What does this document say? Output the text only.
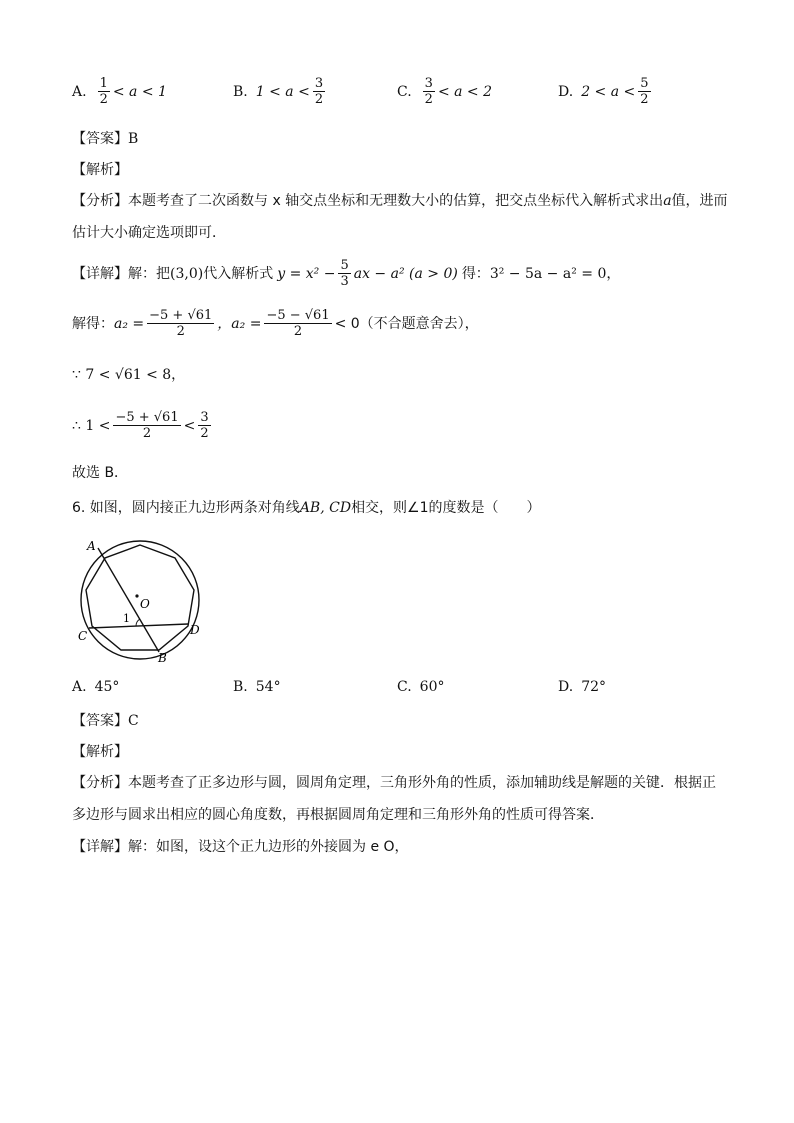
A. $\frac{1}{2} < a < 1$	B. $1 < a < \frac{3}{2}$	C. $\frac{3}{2} < a < 2$	D. $2 < a < \frac{5}{2}$
【答案】B
【解析】
【分析】本题考查了二次函数与 x 轴交点坐标和无理数大小的估算，把交点坐标代入解析式求出a值，进而
估计大小确定选项即可．
【详解】 解：把 (3,0) 代入解析式 $y = x^2 - \frac{5}{3}$ ax − a² (a > 0) 得： 3² − 5a − a² = 0，
解得： $a_2 = \frac{-5 + √61}{2}$ ，$a_2 = \frac{-5 - √61}{2} < 0$（不合题意舍去），
∵ 7 < √61 < 8，
∴ $1 < \frac{-5 + √61}{2} < \frac{3}{2}$
故选 B．
6. 如图，圆内接正九边形两条对角线AB, CD相交，则∠1的度数是（　　）
A
B
C	D
O
1
A. 45°	B. 54°	C. 60°	D. 72°
【答案】C
【解析】
【分析】本题考查了正多边形与圆，圆周角定理，三角形外角的性质，添加辅助线是解题的关键．根据正
多边形与圆求出相应的圆心角度数，再根据圆周角定理和三角形外角的性质可得答案．
【详解】解：如图，设这个正九边形的外接圆为 e O，
